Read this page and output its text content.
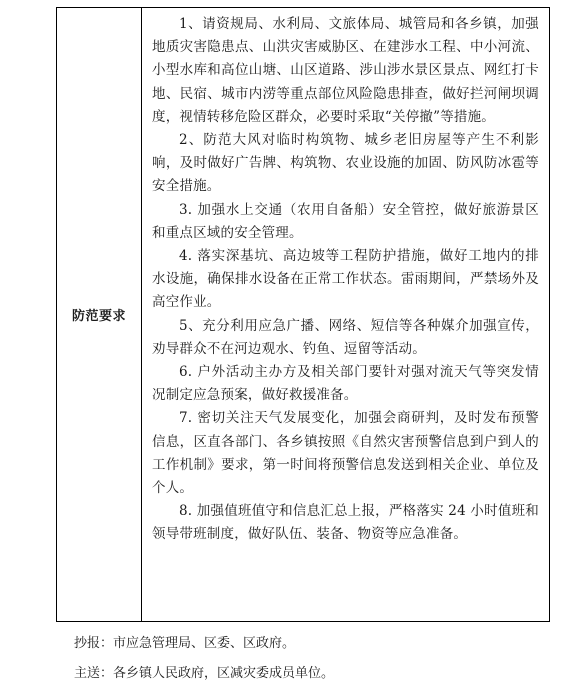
防范要求

1、请资规局、水利局、文旅体局、城管局和各乡镇，加强地质灾害隐患点、山洪灾害威胁区、在建涉水工程、中小河流、小型水库和高位山塘、山区道路、涉山涉水景区景点、网红打卡地、民宿、城市内涝等重点部位风险隐患排查，做好拦河闸坝调度，视情转移危险区群众，必要时采取“关停撤”等措施。

2、防范大风对临时构筑物、城乡老旧房屋等产生不利影响，及时做好广告牌、构筑物、农业设施的加固、防风防冰雹等安全措施。

3. 加强水上交通（农用自备船）安全管控，做好旅游景区和重点区域的安全管理。

4. 落实深基坑、高边坡等工程防护措施，做好工地内的排水设施，确保排水设备在正常工作状态。雷雨期间，严禁场外及高空作业。

5、充分利用应急广播、网络、短信等各种媒介加强宣传，劝导群众不在河边观水、钓鱼、逗留等活动。

6. 户外活动主办方及相关部门要针对强对流天气等突发情况制定应急预案，做好救援准备。

7. 密切关注天气发展变化，加强会商研判，及时发布预警信息，区直各部门、各乡镇按照《自然灾害预警信息到户到人的工作机制》要求，第一时间将预警信息发送到相关企业、单位及个人。

8. 加强值班值守和信息汇总上报，严格落实 24 小时值班和领导带班制度，做好队伍、装备、物资等应急准备。

抄报：市应急管理局、区委、区政府。
主送：各乡镇人民政府，区减灾委成员单位。
